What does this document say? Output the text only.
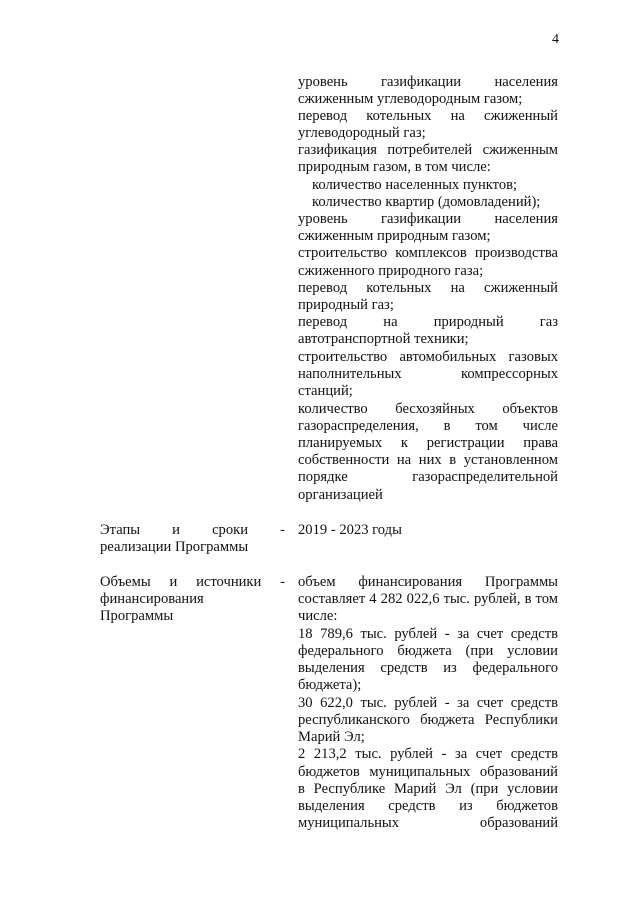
4
уровень газификации населения
сжиженным углеводородным газом;
перевод котельных на сжиженный
углеводородный газ;
газификация потребителей сжиженным
природным газом, в том числе:
количество населенных пунктов;
количество квартир (домовладений);
уровень газификации населения
сжиженным природным газом;
строительство комплексов производства
сжиженного природного газа;
перевод котельных на сжиженный
природный газ;
перевод на природный газ
автотранспортной техники;
строительство автомобильных газовых
наполнительных компрессорных
станций;
количество бесхозяйных объектов
газораспределения, в том числе
планируемых к регистрации права
собственности на них в установленном
порядке газораспределительной
организацией
Этапы и сроки -
реализации Программы
2019 - 2023 годы
Объемы и источники -
финансирования
Программы
объем финансирования Программы
составляет 4 282 022,6 тыс. рублей, в том
числе:
18 789,6 тыс. рублей - за счет средств
федерального бюджета (при условии
выделения средств из федерального
бюджета);
30 622,0 тыс. рублей - за счет средств
республиканского бюджета Республики
Марий Эл;
2 213,2 тыс. рублей - за счет средств
бюджетов муниципальных образований
в Республике Марий Эл (при условии
выделения средств из бюджетов
муниципальных образований
